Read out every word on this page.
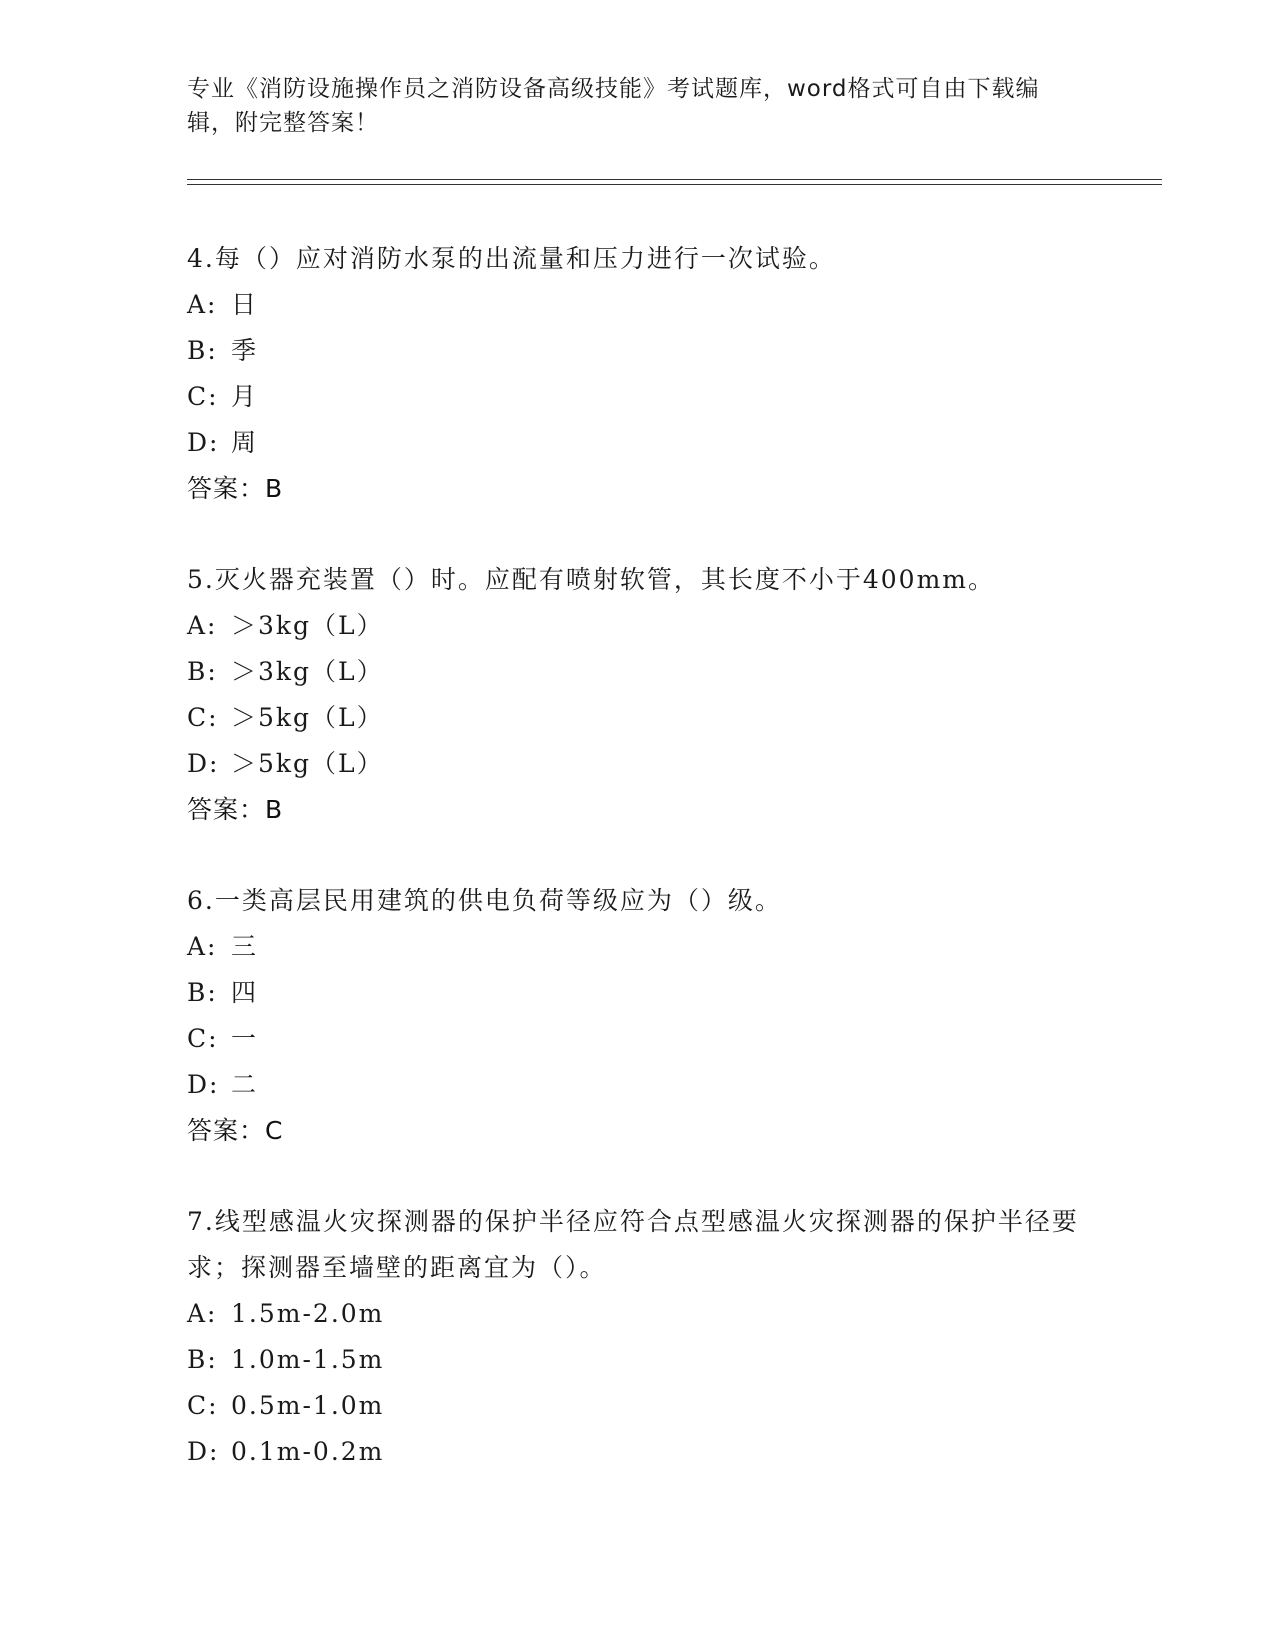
专业《消防设施操作员之消防设备高级技能》考试题库，word格式可自由下载编辑，附完整答案！
4.每（）应对消防水泵的出流量和压力进行一次试验。
A: 日
B: 季
C: 月
D: 周
答案：B
5.灭火器充装置（）时。应配有喷射软管，其长度不小于400mm。
A: ＞3kg（L）
B: ＞3kg（L）
C: ＞5kg（L）
D: ＞5kg（L）
答案：B
6.一类高层民用建筑的供电负荷等级应为（）级。
A: 三
B: 四
C: 一
D: 二
答案：C
7.线型感温火灾探测器的保护半径应符合点型感温火灾探测器的保护半径要求；探测器至墙壁的距离宜为（）。
A: 1.5m-2.0m
B: 1.0m-1.5m
C: 0.5m-1.0m
D: 0.1m-0.2m
